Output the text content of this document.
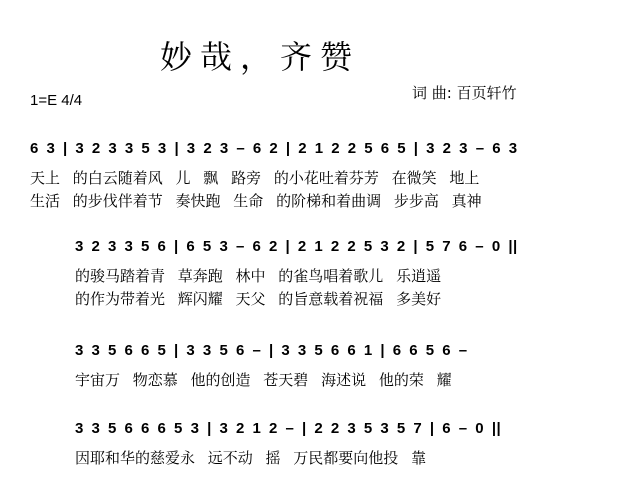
妙哉，齐赞
1=E 4/4	词 曲: 百页轩竹
6 3 | 3 2 3 3 5 3 | 3 2 3 – 6 2 | 2 1 2 2 5 6 5 | 3 2 3 – 6 3
天上 的白云随着风 儿 飘 路旁 的小花吐着芬芳 在微笑 地上
生活 的步伐伴着节 奏快跑 生命 的阶梯和着曲调 步步高 真神
3 2 3 3 5 6 | 6 5 3 – 6 2 | 2 1 2 2 5 3 2 | 5 7 6 – 0 ||
的骏马踏着青 草奔跑 林中 的雀鸟唱着歌儿 乐逍遥
的作为带着光 辉闪耀 天父 的旨意载着祝福 多美好
3 3 5 6 6 5 | 3 3 5 6 – | 3 3 5 6 6 1 | 6 6 5 6 –
宇宙万 物恋慕 他的创造 苍天碧 海述说 他的荣 耀
3 3 5 6 6 6 5 3 | 3 2 1 2 – | 2 2 3 5 3 5 7 | 6 – 0 ||
因耶和华的慈爱永 远不动 摇 万民都要向他投 靠
